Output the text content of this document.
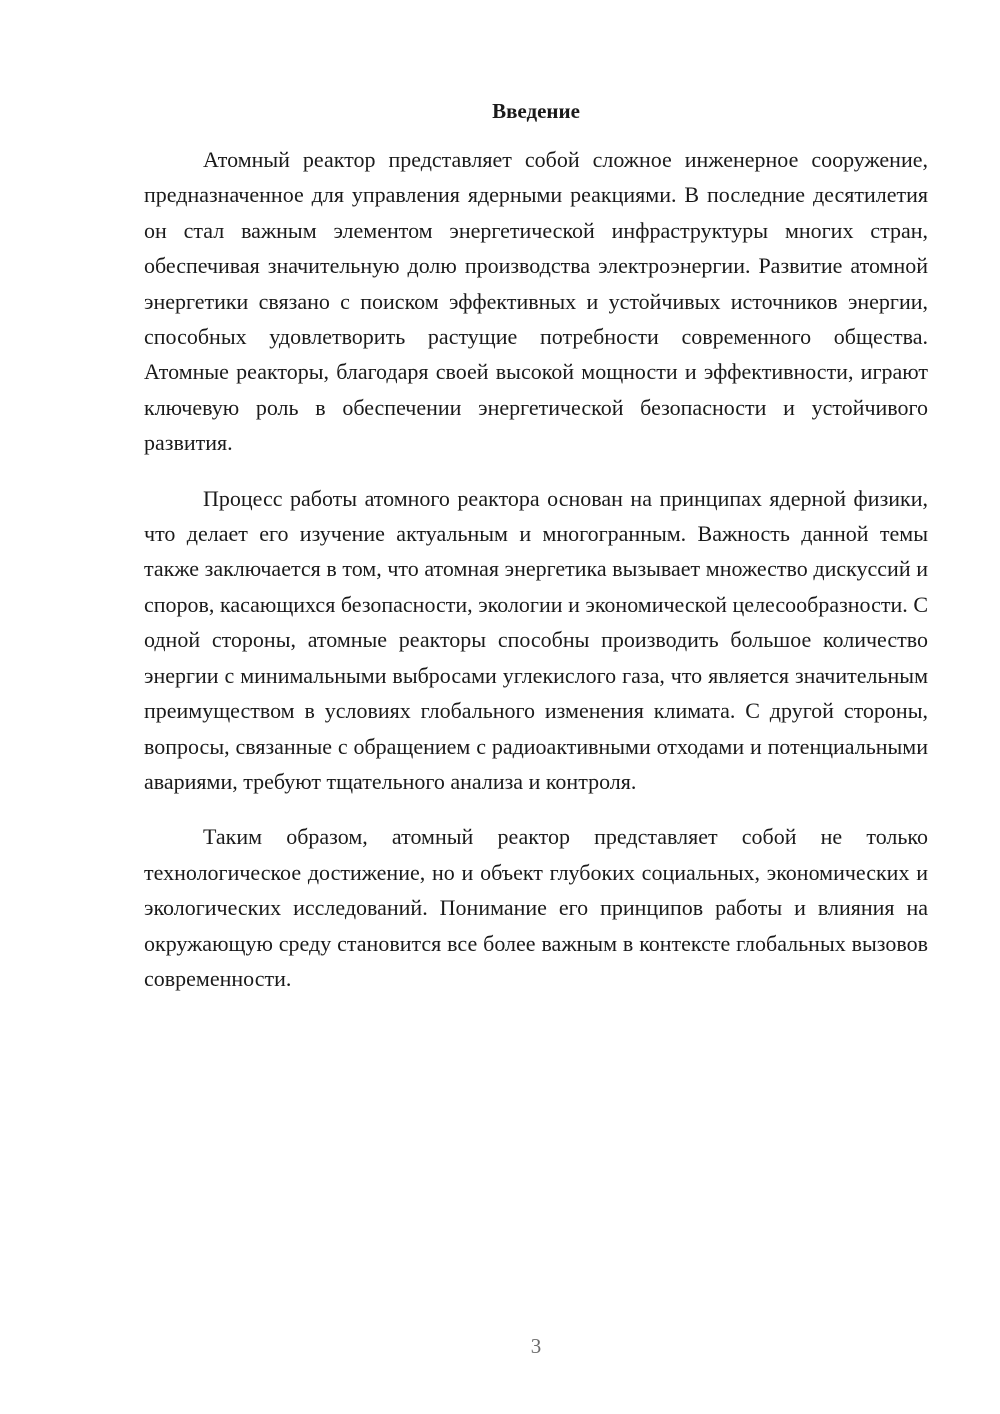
Введение

Атомный реактор представляет собой сложное инженерное сооружение, предназначенное для управления ядерными реакциями. В последние десятилетия он стал важным элементом энергетической инфраструктуры многих стран, обеспечивая значительную долю производства электроэнергии. Развитие атомной энергетики связано с поиском эффективных и устойчивых источников энергии, способных удовлетворить растущие потребности современного общества. Атомные реакторы, благодаря своей высокой мощности и эффективности, играют ключевую роль в обеспечении энергетической безопасности и устойчивого развития.

Процесс работы атомного реактора основан на принципах ядерной физики, что делает его изучение актуальным и многогранным. Важность данной темы также заключается в том, что атомная энергетика вызывает множество дискуссий и споров, касающихся безопасности, экологии и экономической целесообразности. С одной стороны, атомные реакторы способны производить большое количество энергии с минимальными выбросами углекислого газа, что является значительным преимуществом в условиях глобального изменения климата. С другой стороны, вопросы, связанные с обращением с радиоактивными отходами и потенциальными авариями, требуют тщательного анализа и контроля.

Таким образом, атомный реактор представляет собой не только технологическое достижение, но и объект глубоких социальных, экономических и экологических исследований. Понимание его принципов работы и влияния на окружающую среду становится все более важным в контексте глобальных вызовов современности.

3
